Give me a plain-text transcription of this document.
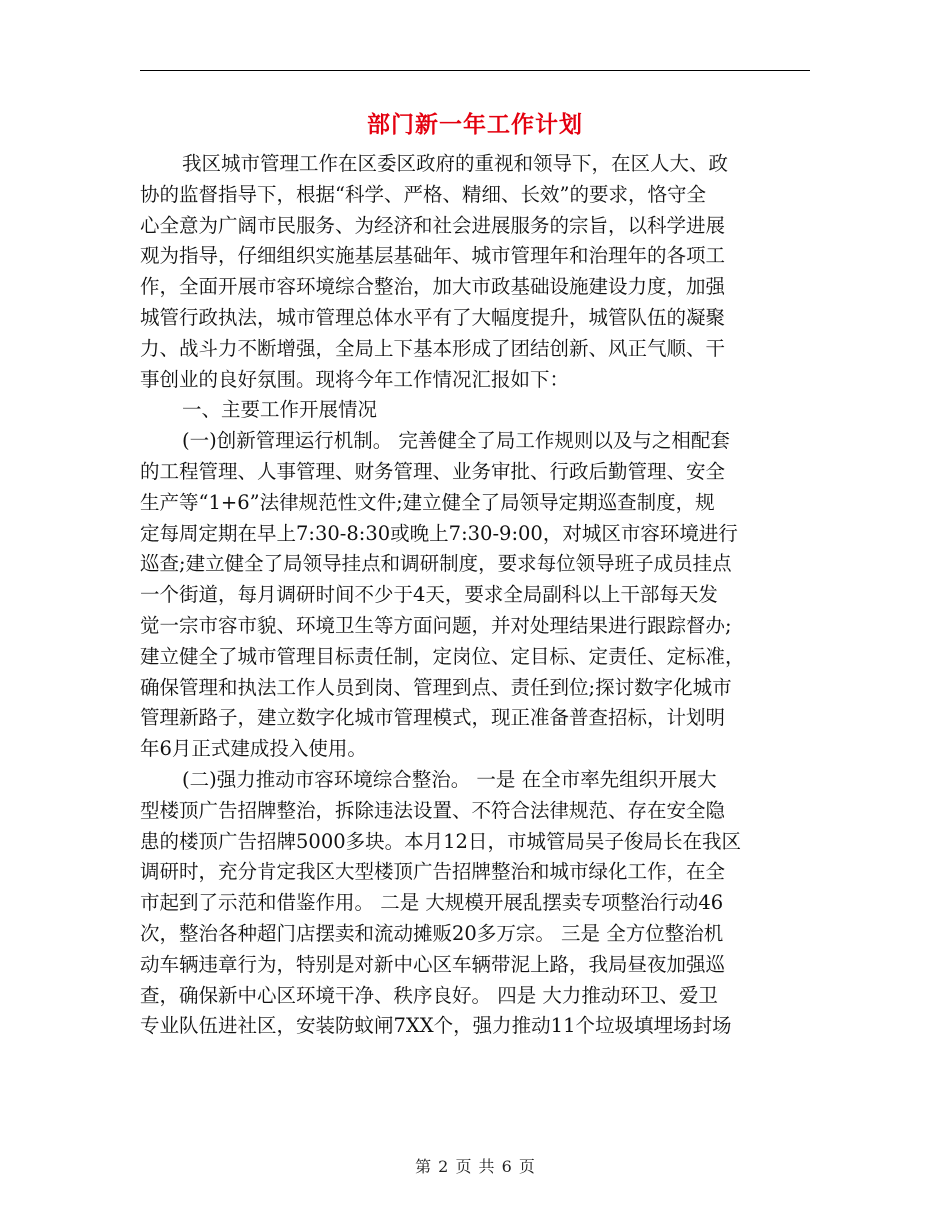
部门新一年工作计划
我区城市管理工作在区委区政府的重视和领导下，在区人大、政
协的监督指导下，根据“科学、严格、精细、长效”的要求，恪守全
心全意为广阔市民服务、为经济和社会进展服务的宗旨，以科学进展
观为指导，仔细组织实施基层基础年、城市管理年和治理年的各项工
作，全面开展市容环境综合整治，加大市政基础设施建设力度，加强
城管行政执法，城市管理总体水平有了大幅度提升，城管队伍的凝聚
力、战斗力不断增强，全局上下基本形成了团结创新、风正气顺、干
事创业的良好氛围。现将今年工作情况汇报如下：
一、主要工作开展情况
(一)创新管理运行机制。 完善健全了局工作规则以及与之相配套
的工程管理、人事管理、财务管理、业务审批、行政后勤管理、安全
生产等“1+6”法律规范性文件;建立健全了局领导定期巡查制度，规
定每周定期在早上7:30-8:30或晚上7:30-9:00，对城区市容环境进行
巡查;建立健全了局领导挂点和调研制度，要求每位领导班子成员挂点
一个街道，每月调研时间不少于4天，要求全局副科以上干部每天发
觉一宗市容市貌、环境卫生等方面问题，并对处理结果进行跟踪督办;
建立健全了城市管理目标责任制，定岗位、定目标、定责任、定标准，
确保管理和执法工作人员到岗、管理到点、责任到位;探讨数字化城市
管理新路子，建立数字化城市管理模式，现正准备普查招标，计划明
年6月正式建成投入使用。
(二)强力推动市容环境综合整治。 一是 在全市率先组织开展大
型楼顶广告招牌整治，拆除违法设置、不符合法律规范、存在安全隐
患的楼顶广告招牌5000多块。本月12日，市城管局吴子俊局长在我区
调研时，充分肯定我区大型楼顶广告招牌整治和城市绿化工作，在全
市起到了示范和借鉴作用。 二是 大规模开展乱摆卖专项整治行动46
次，整治各种超门店摆卖和流动摊贩20多万宗。 三是 全方位整治机
动车辆违章行为，特别是对新中心区车辆带泥上路，我局昼夜加强巡
查，确保新中心区环境干净、秩序良好。 四是 大力推动环卫、爱卫
专业队伍进社区，安装防蚊闸7XX个，强力推动11个垃圾填埋场封场
第 2 页 共 6 页
